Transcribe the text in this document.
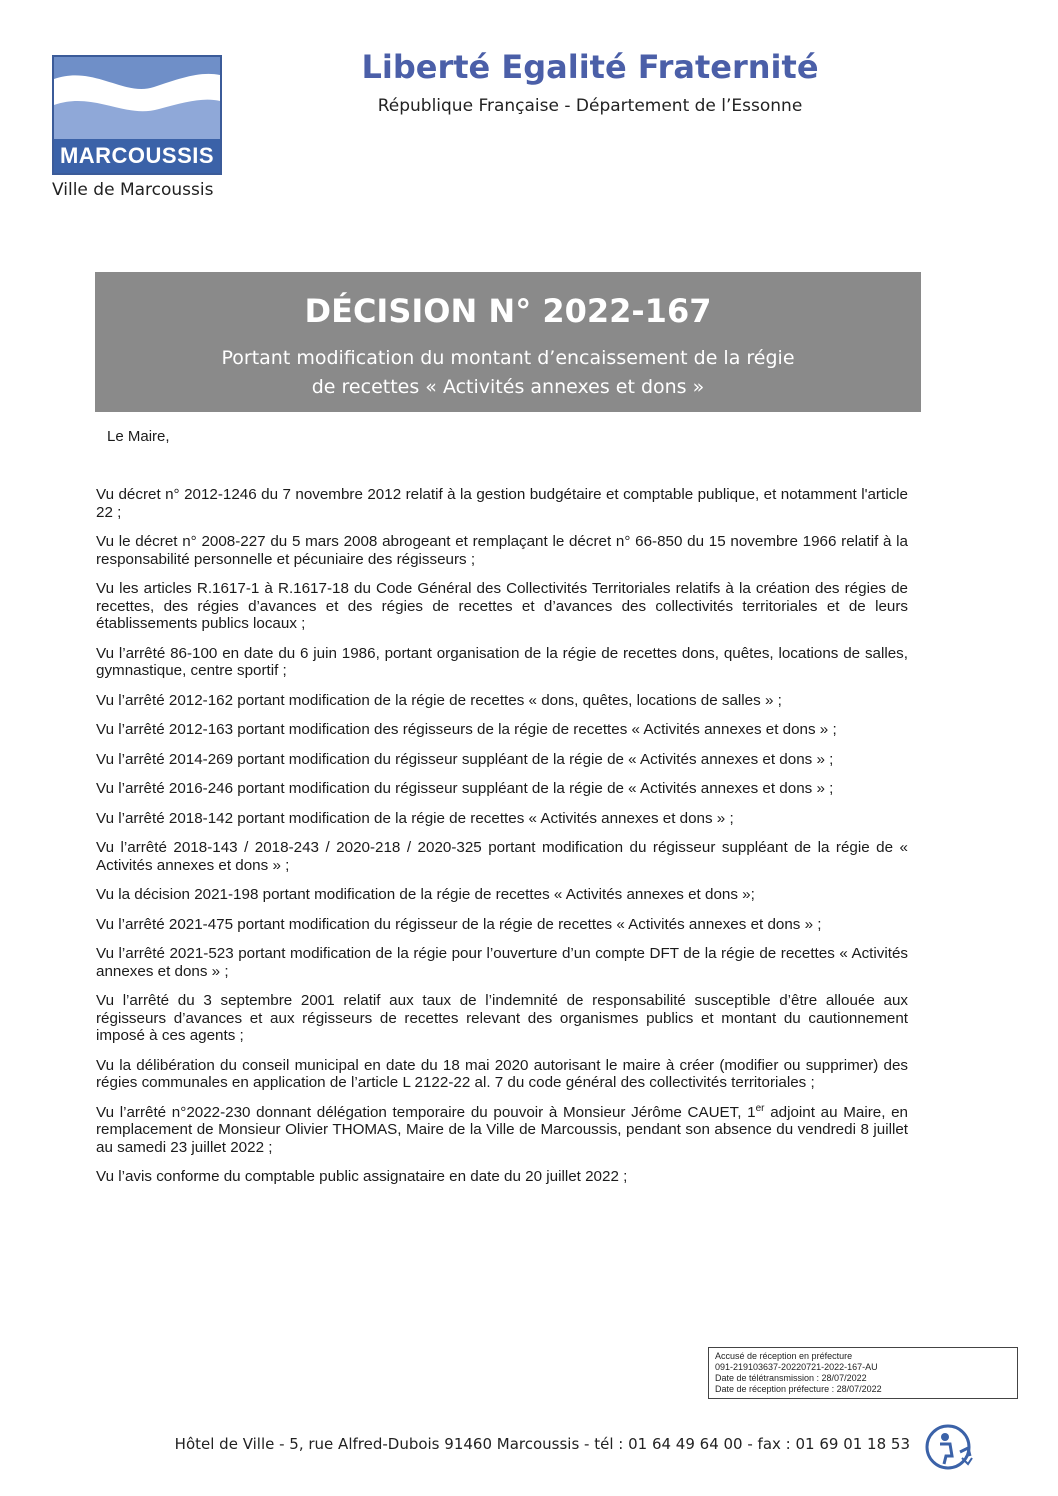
MARCOUSSIS
Ville de Marcoussis
Liberté Egalité Fraternité
République Française - Département de l’Essonne
DÉCISION N° 2022-167
Portant modification du montant d’encaissement de la régie
de recettes « Activités annexes et dons »
Le Maire,

Vu décret n° 2012-1246 du 7 novembre 2012 relatif à la gestion budgétaire et comptable publique, et notamment l'article 22 ;

Vu le décret n° 2008-227 du 5 mars 2008 abrogeant et remplaçant le décret n° 66-850 du 15 novembre 1966 relatif à la responsabilité personnelle et pécuniaire des régisseurs ;

Vu les articles R.1617-1 à R.1617-18 du Code Général des Collectivités Territoriales relatifs à la création des régies de recettes, des régies d’avances et des régies de recettes et d’avances des collectivités territoriales et de leurs établissements publics locaux ;

Vu l’arrêté 86-100 en date du 6 juin 1986, portant organisation de la régie de recettes dons, quêtes, locations de salles, gymnastique, centre sportif ;

Vu l’arrêté 2012-162 portant modification de la régie de recettes « dons, quêtes, locations de salles » ;

Vu l’arrêté 2012-163 portant modification des régisseurs de la régie de recettes « Activités annexes et dons » ;

Vu l’arrêté 2014-269 portant modification du régisseur suppléant de la régie de « Activités annexes et dons » ;

Vu l’arrêté 2016-246 portant modification du régisseur suppléant de la régie de « Activités annexes et dons » ;

Vu l’arrêté 2018-142 portant modification de la régie de recettes « Activités annexes et dons » ;

Vu l’arrêté 2018-143 / 2018-243 / 2020-218 / 2020-325 portant modification du régisseur suppléant de la régie de « Activités annexes et dons » ;

Vu la décision 2021-198 portant modification de la régie de recettes « Activités annexes et dons »;

Vu l’arrêté 2021-475 portant modification du régisseur de la régie de recettes « Activités annexes et dons » ;

Vu l’arrêté 2021-523 portant modification de la régie pour l’ouverture d’un compte DFT de la régie de recettes « Activités annexes et dons » ;

Vu l’arrêté du 3 septembre 2001 relatif aux taux de l’indemnité de responsabilité susceptible d’être allouée aux régisseurs d’avances et aux régisseurs de recettes relevant des organismes publics et montant du cautionnement imposé à ces agents ;

Vu la délibération du conseil municipal en date du 18 mai 2020 autorisant le maire à créer (modifier ou supprimer) des régies communales en application de l’article L 2122-22 al. 7 du code général des collectivités territoriales ;

Vu l’arrêté n°2022-230 donnant délégation temporaire du pouvoir à Monsieur Jérôme CAUET, 1er adjoint au Maire, en remplacement de Monsieur Olivier THOMAS, Maire de la Ville de Marcoussis, pendant son absence du vendredi 8 juillet au samedi 23 juillet 2022 ;

Vu l’avis conforme du comptable public assignataire en date du 20 juillet 2022 ;

Accusé de réception en préfecture
091-219103637-20220721-2022-167-AU
Date de télétransmission : 28/07/2022
Date de réception préfecture : 28/07/2022
Hôtel de Ville - 5, rue Alfred-Dubois 91460 Marcoussis - tél : 01 64 49 64 00 - fax : 01 69 01 18 53
